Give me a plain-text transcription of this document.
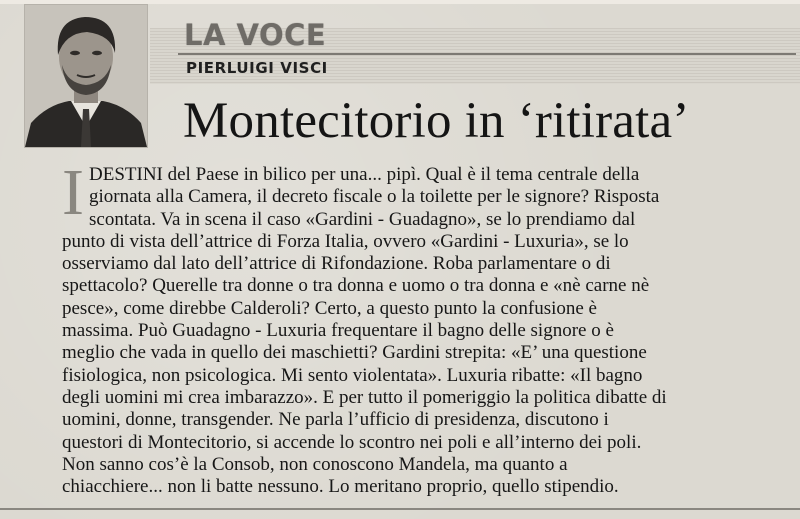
LA VOCE
PIERLUIGI VISCI
Montecitorio in ‘ritirata’
I DESTINI del Paese in bilico per una... pipì. Qual è il tema centrale della
giornata alla Camera, il decreto fiscale o la toilette per le signore? Risposta
scontata. Va in scena il caso «Gardini - Guadagno», se lo prendiamo dal
punto di vista dell’attrice di Forza Italia, ovvero «Gardini - Luxuria», se lo
osserviamo dal lato dell’attrice di Rifondazione. Roba parlamentare o di
spettacolo? Querelle tra donne o tra donna e uomo o tra donna e «nè carne nè
pesce», come direbbe Calderoli? Certo, a questo punto la confusione è
massima. Può Guadagno - Luxuria frequentare il bagno delle signore o è
meglio che vada in quello dei maschietti? Gardini strepita: «E’ una questione
fisiologica, non psicologica. Mi sento violentata». Luxuria ribatte: «Il bagno
degli uomini mi crea imbarazzo». E per tutto il pomeriggio la politica dibatte di
uomini, donne, transgender. Ne parla l’ufficio di presidenza, discutono i
questori di Montecitorio, si accende lo scontro nei poli e all’interno dei poli.
Non sanno cos’è la Consob, non conoscono Mandela, ma quanto a
chiacchiere... non li batte nessuno. Lo meritano proprio, quello stipendio.
